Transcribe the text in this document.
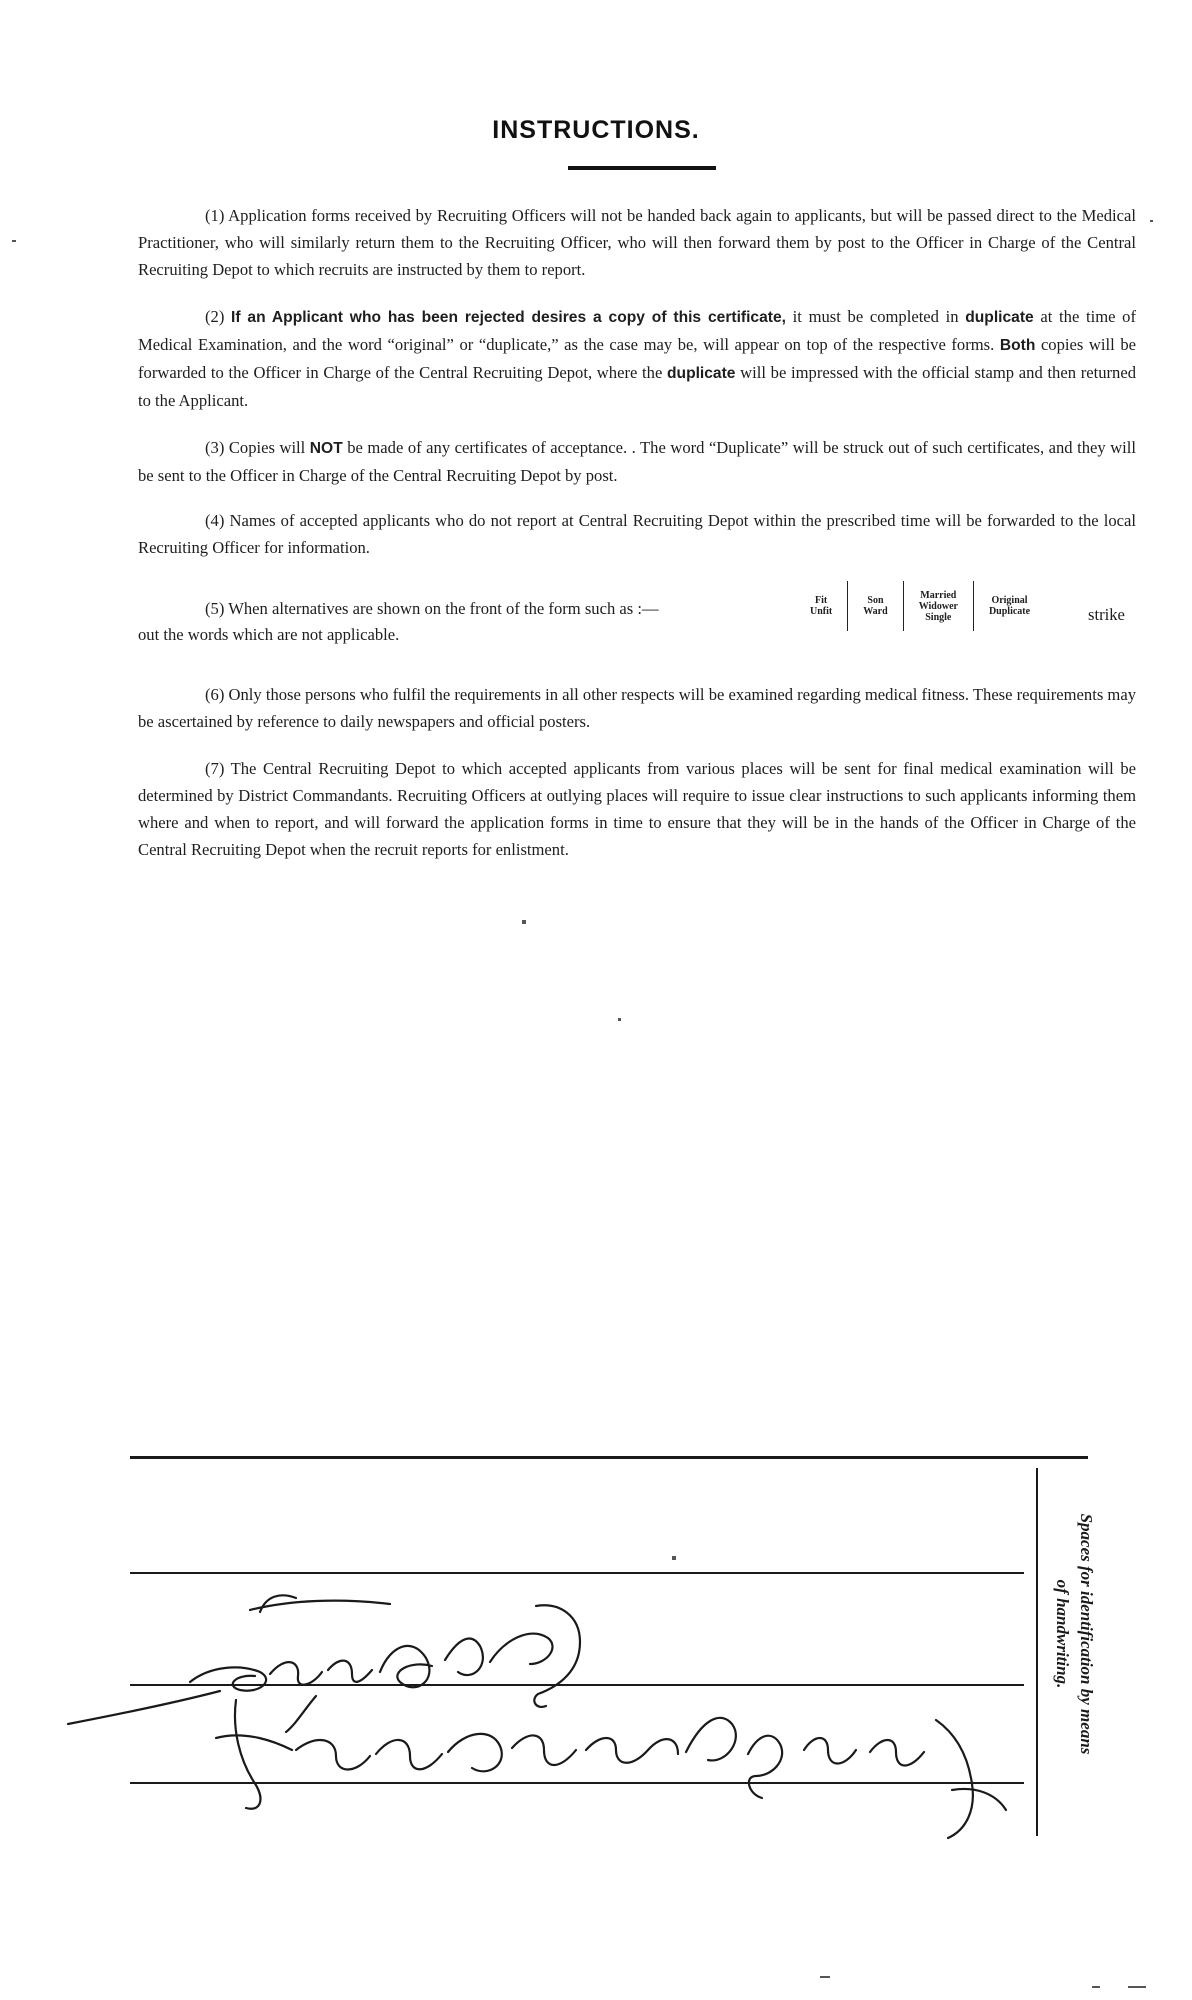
INSTRUCTIONS.

(1) Application forms received by Recruiting Officers will not be handed back again to applicants, but will be passed direct to the Medical Practitioner, who will similarly return them to the Recruiting Officer, who will then forward them by post to the Officer in Charge of the Central Recruiting Depot to which recruits are instructed by them to report.

(2) If an Applicant who has been rejected desires a copy of this certificate, it must be completed in duplicate at the time of Medical Examination, and the word “original” or “duplicate,” as the case may be, will appear on top of the respective forms. Both copies will be forwarded to the Officer in Charge of the Central Recruiting Depot, where the duplicate will be impressed with the official stamp and then returned to the Applicant.

(3) Copies will NOT be made of any certificates of acceptance. . The word “Duplicate” will be struck out of such certificates, and they will be sent to the Officer in Charge of the Central Recruiting Depot by post.

(4) Names of accepted applicants who do not report at Central Recruiting Depot within the prescribed time will be forwarded to the local Recruiting Officer for information.

(5) When alternatives are shown on the front of the form such as :—	Fit
Unfit
Son
Ward
Married
Widower
Single
Original
Duplicate	strike
out the words which are not applicable.

(6) Only those persons who fulfil the requirements in all other respects will be examined regarding medical fitness. These requirements may be ascertained by reference to daily newspapers and official posters.

(7) The Central Recruiting Depot to which accepted applicants from various places will be sent for final medical examination will be determined by District Commandants. Recruiting Officers at outlying places will require to issue clear instructions to such applicants informing them where and when to report, and will forward the application forms in time to ensure that they will be in the hands of the Officer in Charge of the Central Recruiting Depot when the recruit reports for enlistment.

Spaces for identification by means
of handwriting.
